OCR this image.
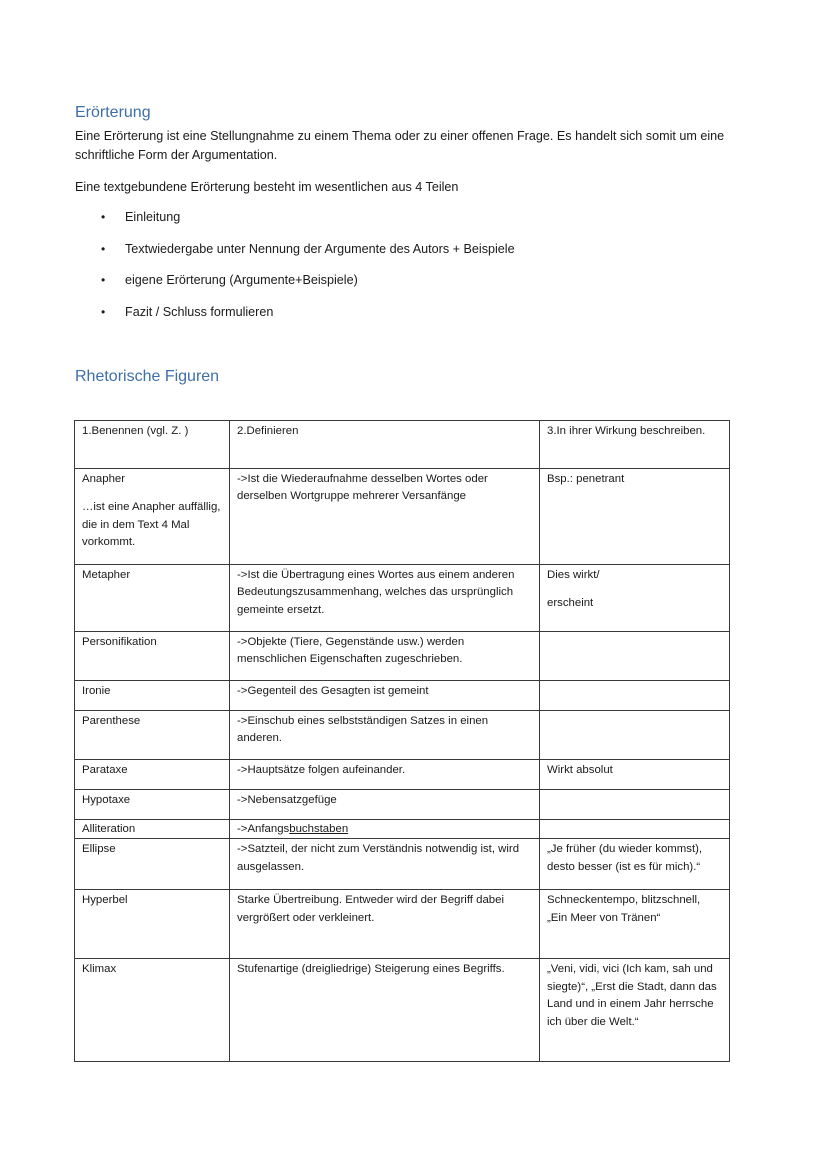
Erörterung

Eine Erörterung ist eine Stellungnahme zu einem Thema oder zu einer offenen Frage. Es handelt sich somit um eine schriftliche Form der Argumentation.

Eine textgebundene Erörterung besteht im wesentlichen aus 4 Teilen

• Einleitung
• Textwiedergabe unter Nennung der Argumente des Autors + Beispiele
• eigene Erörterung (Argumente+Beispiele)
• Fazit / Schluss formulieren
Rhetorische Figuren
1.Benennen (vgl. Z. )	2.Definieren	3.In ihrer Wirkung beschreiben.

Anapher

…ist eine Anapher auffällig, die in dem Text 4 Mal vorkommt.	->Ist die Wiederaufnahme desselben Wortes oder derselben Wortgruppe mehrerer Versanfänge	Bsp.: penetrant
Metapher	->Ist die Übertragung eines Wortes aus einem anderen Bedeutungszusammenhang, welches das ursprünglich gemeinte ersetzt.	Dies wirkt/

erscheint

Personifikation	->Objekte (Tiere, Gegenstände usw.) werden menschlichen Eigenschaften zugeschrieben.	
Ironie	->Gegenteil des Gesagten ist gemeint	
Parenthese	->Einschub eines selbstständigen Satzes in einen anderen.	
Parataxe	->Hauptsätze folgen aufeinander.	Wirkt absolut
Hypotaxe	->Nebensatzgefüge	
Alliteration	->Anfangsbuchstaben	
Ellipse	->Satzteil, der nicht zum Verständnis notwendig ist, wird ausgelassen.	„Je früher (du wieder kommst), desto besser (ist es für mich).“
Hyperbel	Starke Übertreibung. Entweder wird der Begriff dabei vergrößert oder verkleinert.	Schneckentempo, blitzschnell, „Ein Meer von Tränen“
Klimax	Stufenartige (dreigliedrige) Steigerung eines Begriffs.	„Veni, vidi, vici (Ich kam, sah und siegte)“, „Erst die Stadt, dann das Land und in einem Jahr herrsche ich über die Welt.“
